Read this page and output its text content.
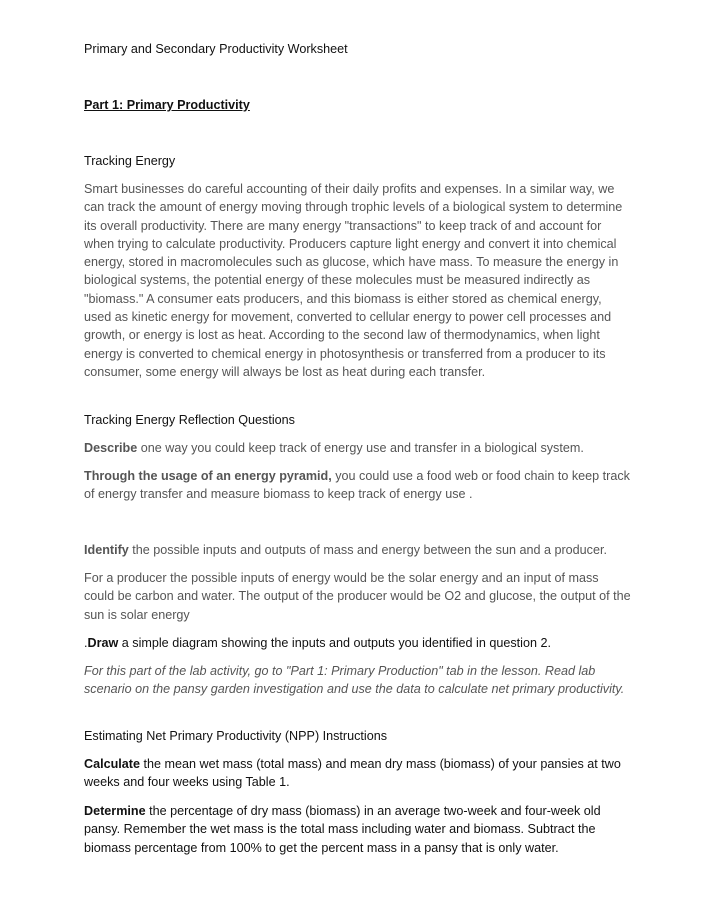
Primary and Secondary Productivity Worksheet

Part 1: Primary Productivity

Tracking Energy

Smart businesses do careful accounting of their daily profits and expenses. In a similar way, we can track the amount of energy moving through trophic levels of a biological system to determine its overall productivity. There are many energy "transactions" to keep track of and account for when trying to calculate productivity. Producers capture light energy and convert it into chemical energy, stored in macromolecules such as glucose, which have mass. To measure the energy in biological systems, the potential energy of these molecules must be measured indirectly as "biomass." A consumer eats producers, and this biomass is either stored as chemical energy, used as kinetic energy for movement, converted to cellular energy to power cell processes and growth, or energy is lost as heat. According to the second law of thermodynamics, when light energy is converted to chemical energy in photosynthesis or transferred from a producer to its consumer, some energy will always be lost as heat during each transfer.

Tracking Energy Reflection Questions

Describe one way you could keep track of energy use and transfer in a biological system.

Through the usage of an energy pyramid, you could use a food web or food chain to keep track of energy transfer and measure biomass to keep track of energy use .

Identify the possible inputs and outputs of mass and energy between the sun and a producer.

For a producer the possible inputs of energy would be the solar energy and an input of mass could be carbon and water. The output of the producer would be O2 and glucose, the output of the sun is solar energy

.Draw a simple diagram showing the inputs and outputs you identified in question 2.

For this part of the lab activity, go to "Part 1: Primary Production" tab in the lesson. Read lab scenario on the pansy garden investigation and use the data to calculate net primary productivity.

Estimating Net Primary Productivity (NPP) Instructions

Calculate the mean wet mass (total mass) and mean dry mass (biomass) of your pansies at two weeks and four weeks using Table 1.

Determine the percentage of dry mass (biomass) in an average two-week and four-week old pansy. Remember the wet mass is the total mass including water and biomass. Subtract the biomass percentage from 100% to get the percent mass in a pansy that is only water.
